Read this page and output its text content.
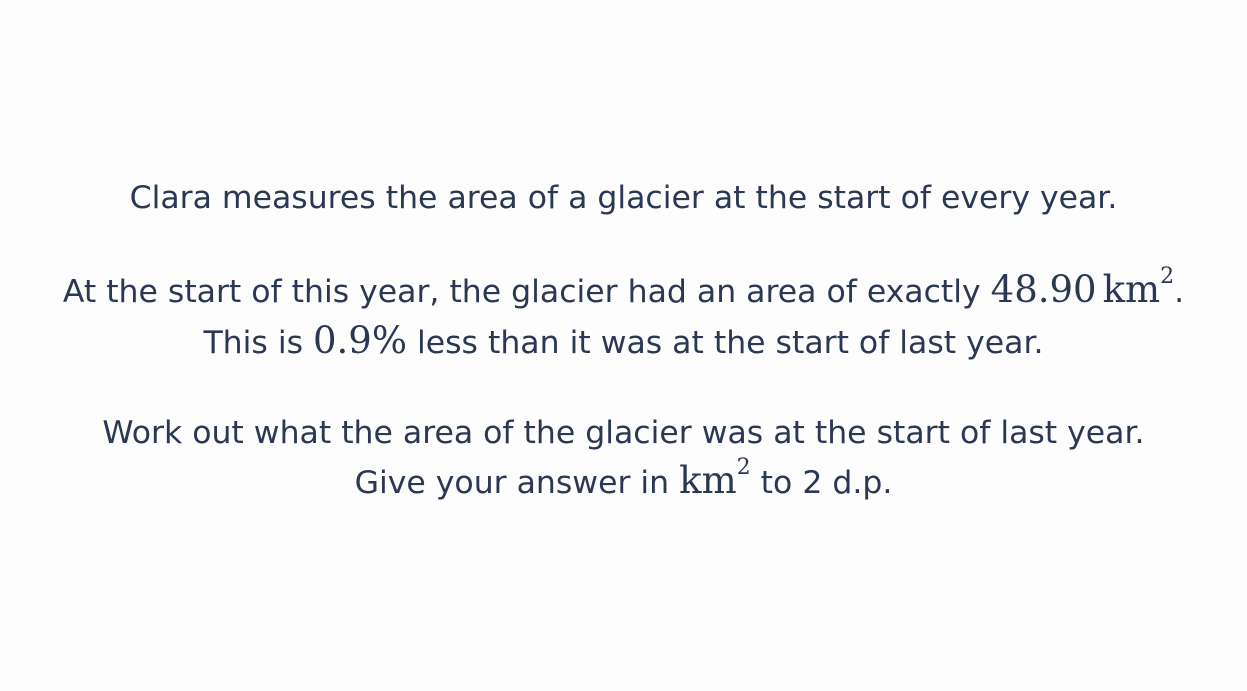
Clara measures the area of a glacier at the start of every year.
At the start of this year, the glacier had an area of exactly 48.90 $km^2$.
This is 0.9% less than it was at the start of last year.
Work out what the area of the glacier was at the start of last year.
Give your answer in $km^2$ to 2 d.p.
